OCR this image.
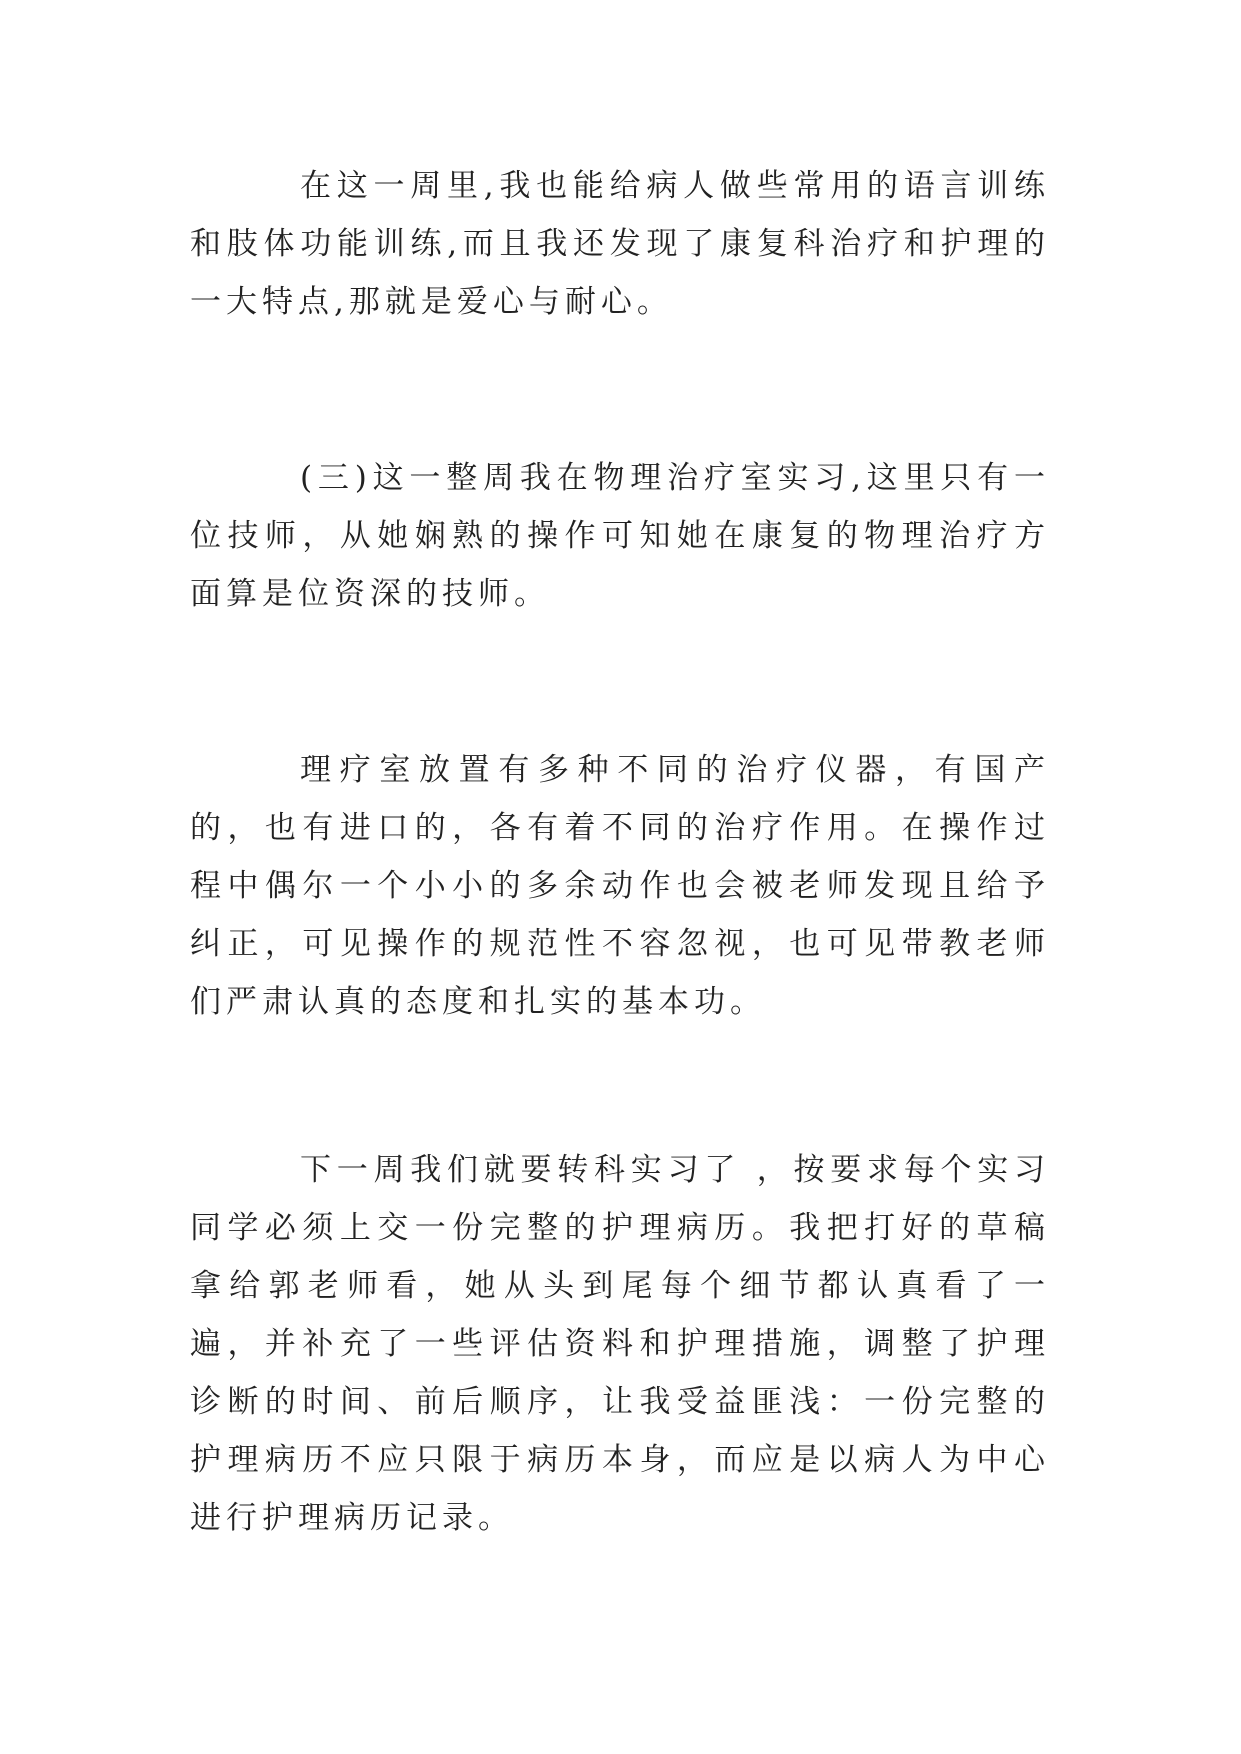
在这一周里,我也能给病人做些常用的语言训练和肢体功能训练,而且我还发现了康复科治疗和护理的一大特点,那就是爱心与耐心。

(三)这一整周我在物理治疗室实习,这里只有一位技师，从她娴熟的操作可知她在康复的物理治疗方面算是位资深的技师。

理疗室放置有多种不同的治疗仪器，有国产的，也有进口的，各有着不同的治疗作用。在操作过程中偶尔一个小小的多余动作也会被老师发现且给予纠正，可见操作的规范性不容忽视，也可见带教老师们严肃认真的态度和扎实的基本功。

下一周我们就要转科实习了 ，按要求每个实习同学必须上交一份完整的护理病历。我把打好的草稿拿给郭老师看，她从头到尾每个细节都认真看了一遍，并补充了一些评估资料和护理措施，调整了护理诊断的时间、前后顺序，让我受益匪浅：一份完整的护理病历不应只限于病历本身，而应是以病人为中心进行护理病历记录。
